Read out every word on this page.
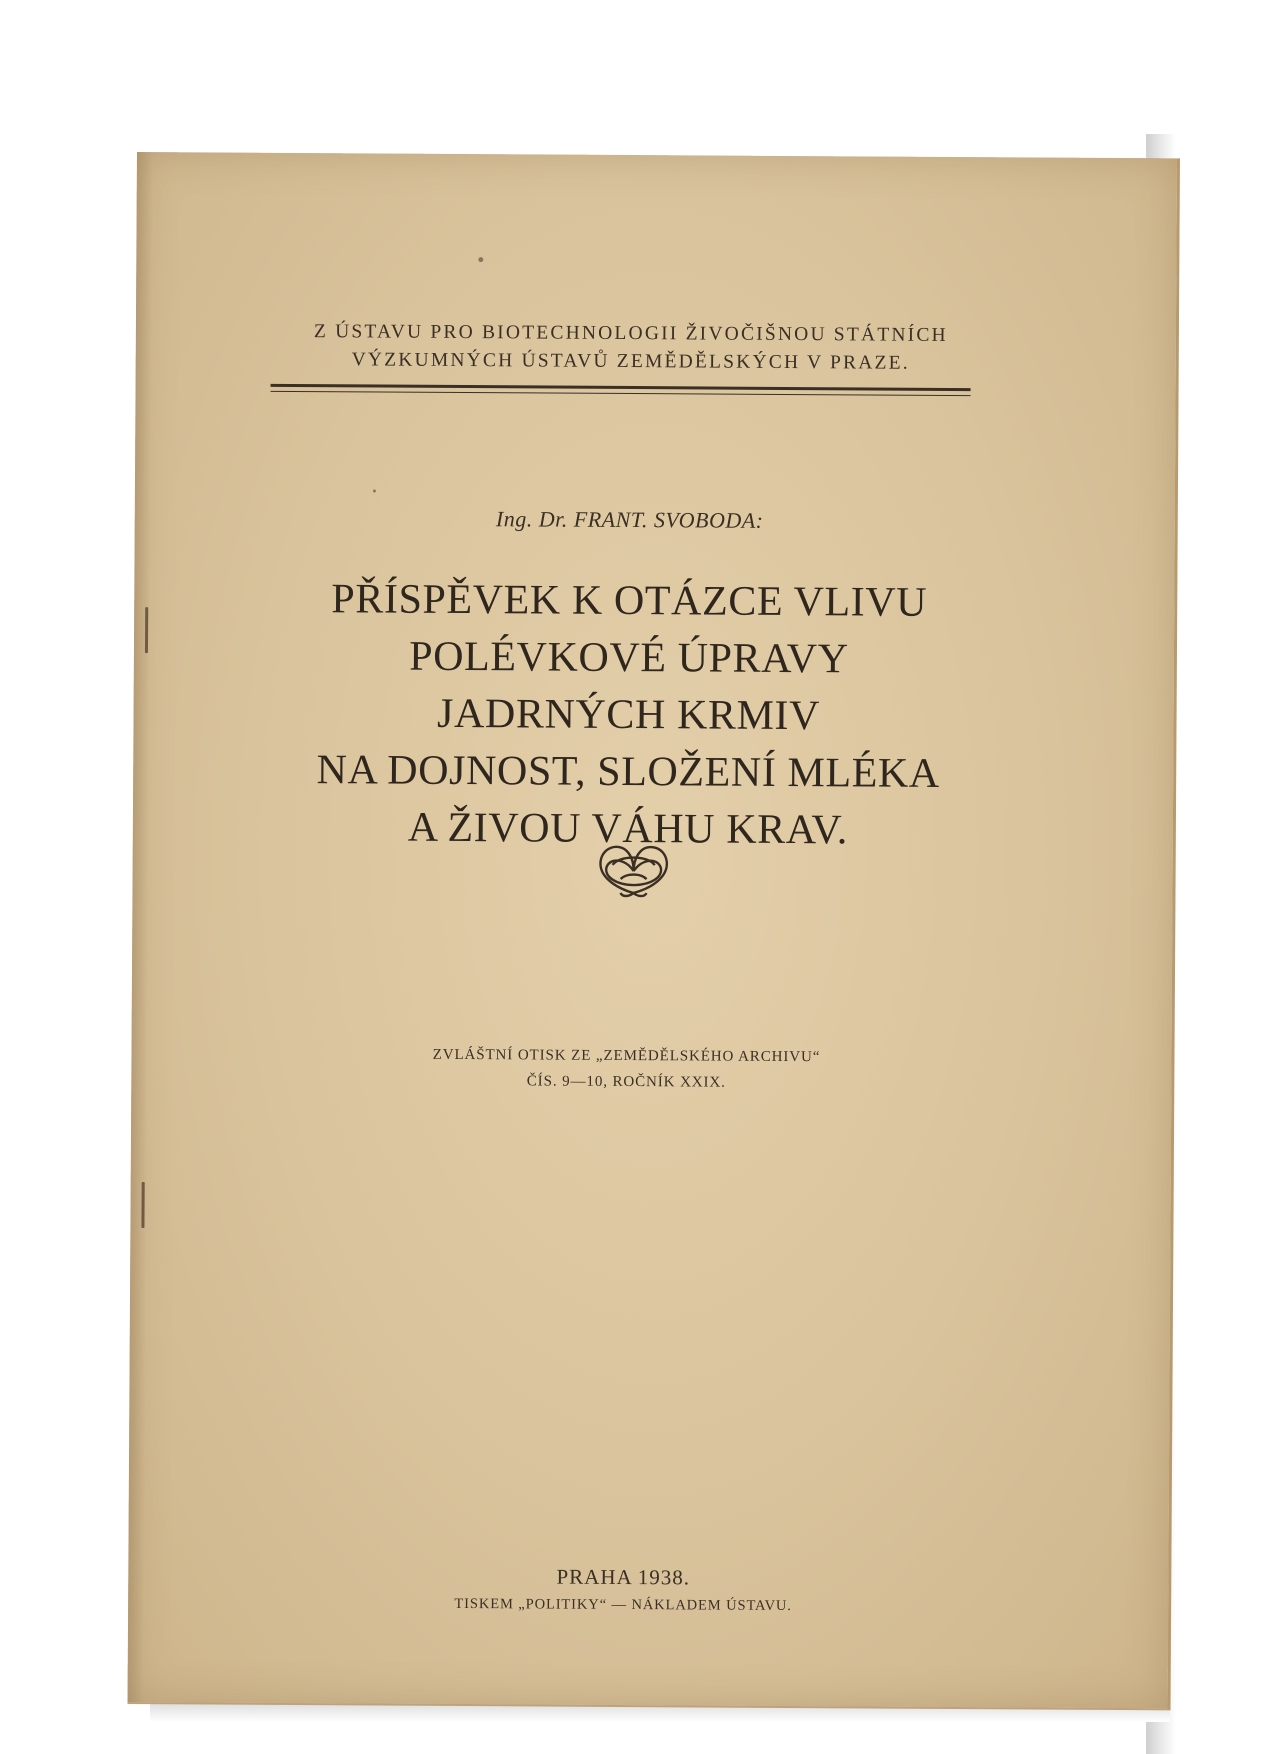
Z ÚSTAVU PRO BIOTECHNOLOGII ŽIVOČIŠNOU STÁTNÍCH
VÝZKUMNÝCH ÚSTAVŮ ZEMĚDĚLSKÝCH V PRAZE.
Ing. Dr. FRANT. SVOBODA:
PŘÍSPĚVEK K OTÁZCE VLIVU
POLÉVKOVÉ ÚPRAVY
JADRNÝCH KRMIV
NA DOJNOST, SLOŽENÍ MLÉKA
A ŽIVOU VÁHU KRAV.
ZVLÁŠTNÍ OTISK ZE „ZEMĚDĚLSKÉHO ARCHIVU“
ČÍS. 9—10, ROČNÍK XXIX.
PRAHA 1938.
TISKEM „POLITIKY“ — NÁKLADEM ÚSTAVU.
